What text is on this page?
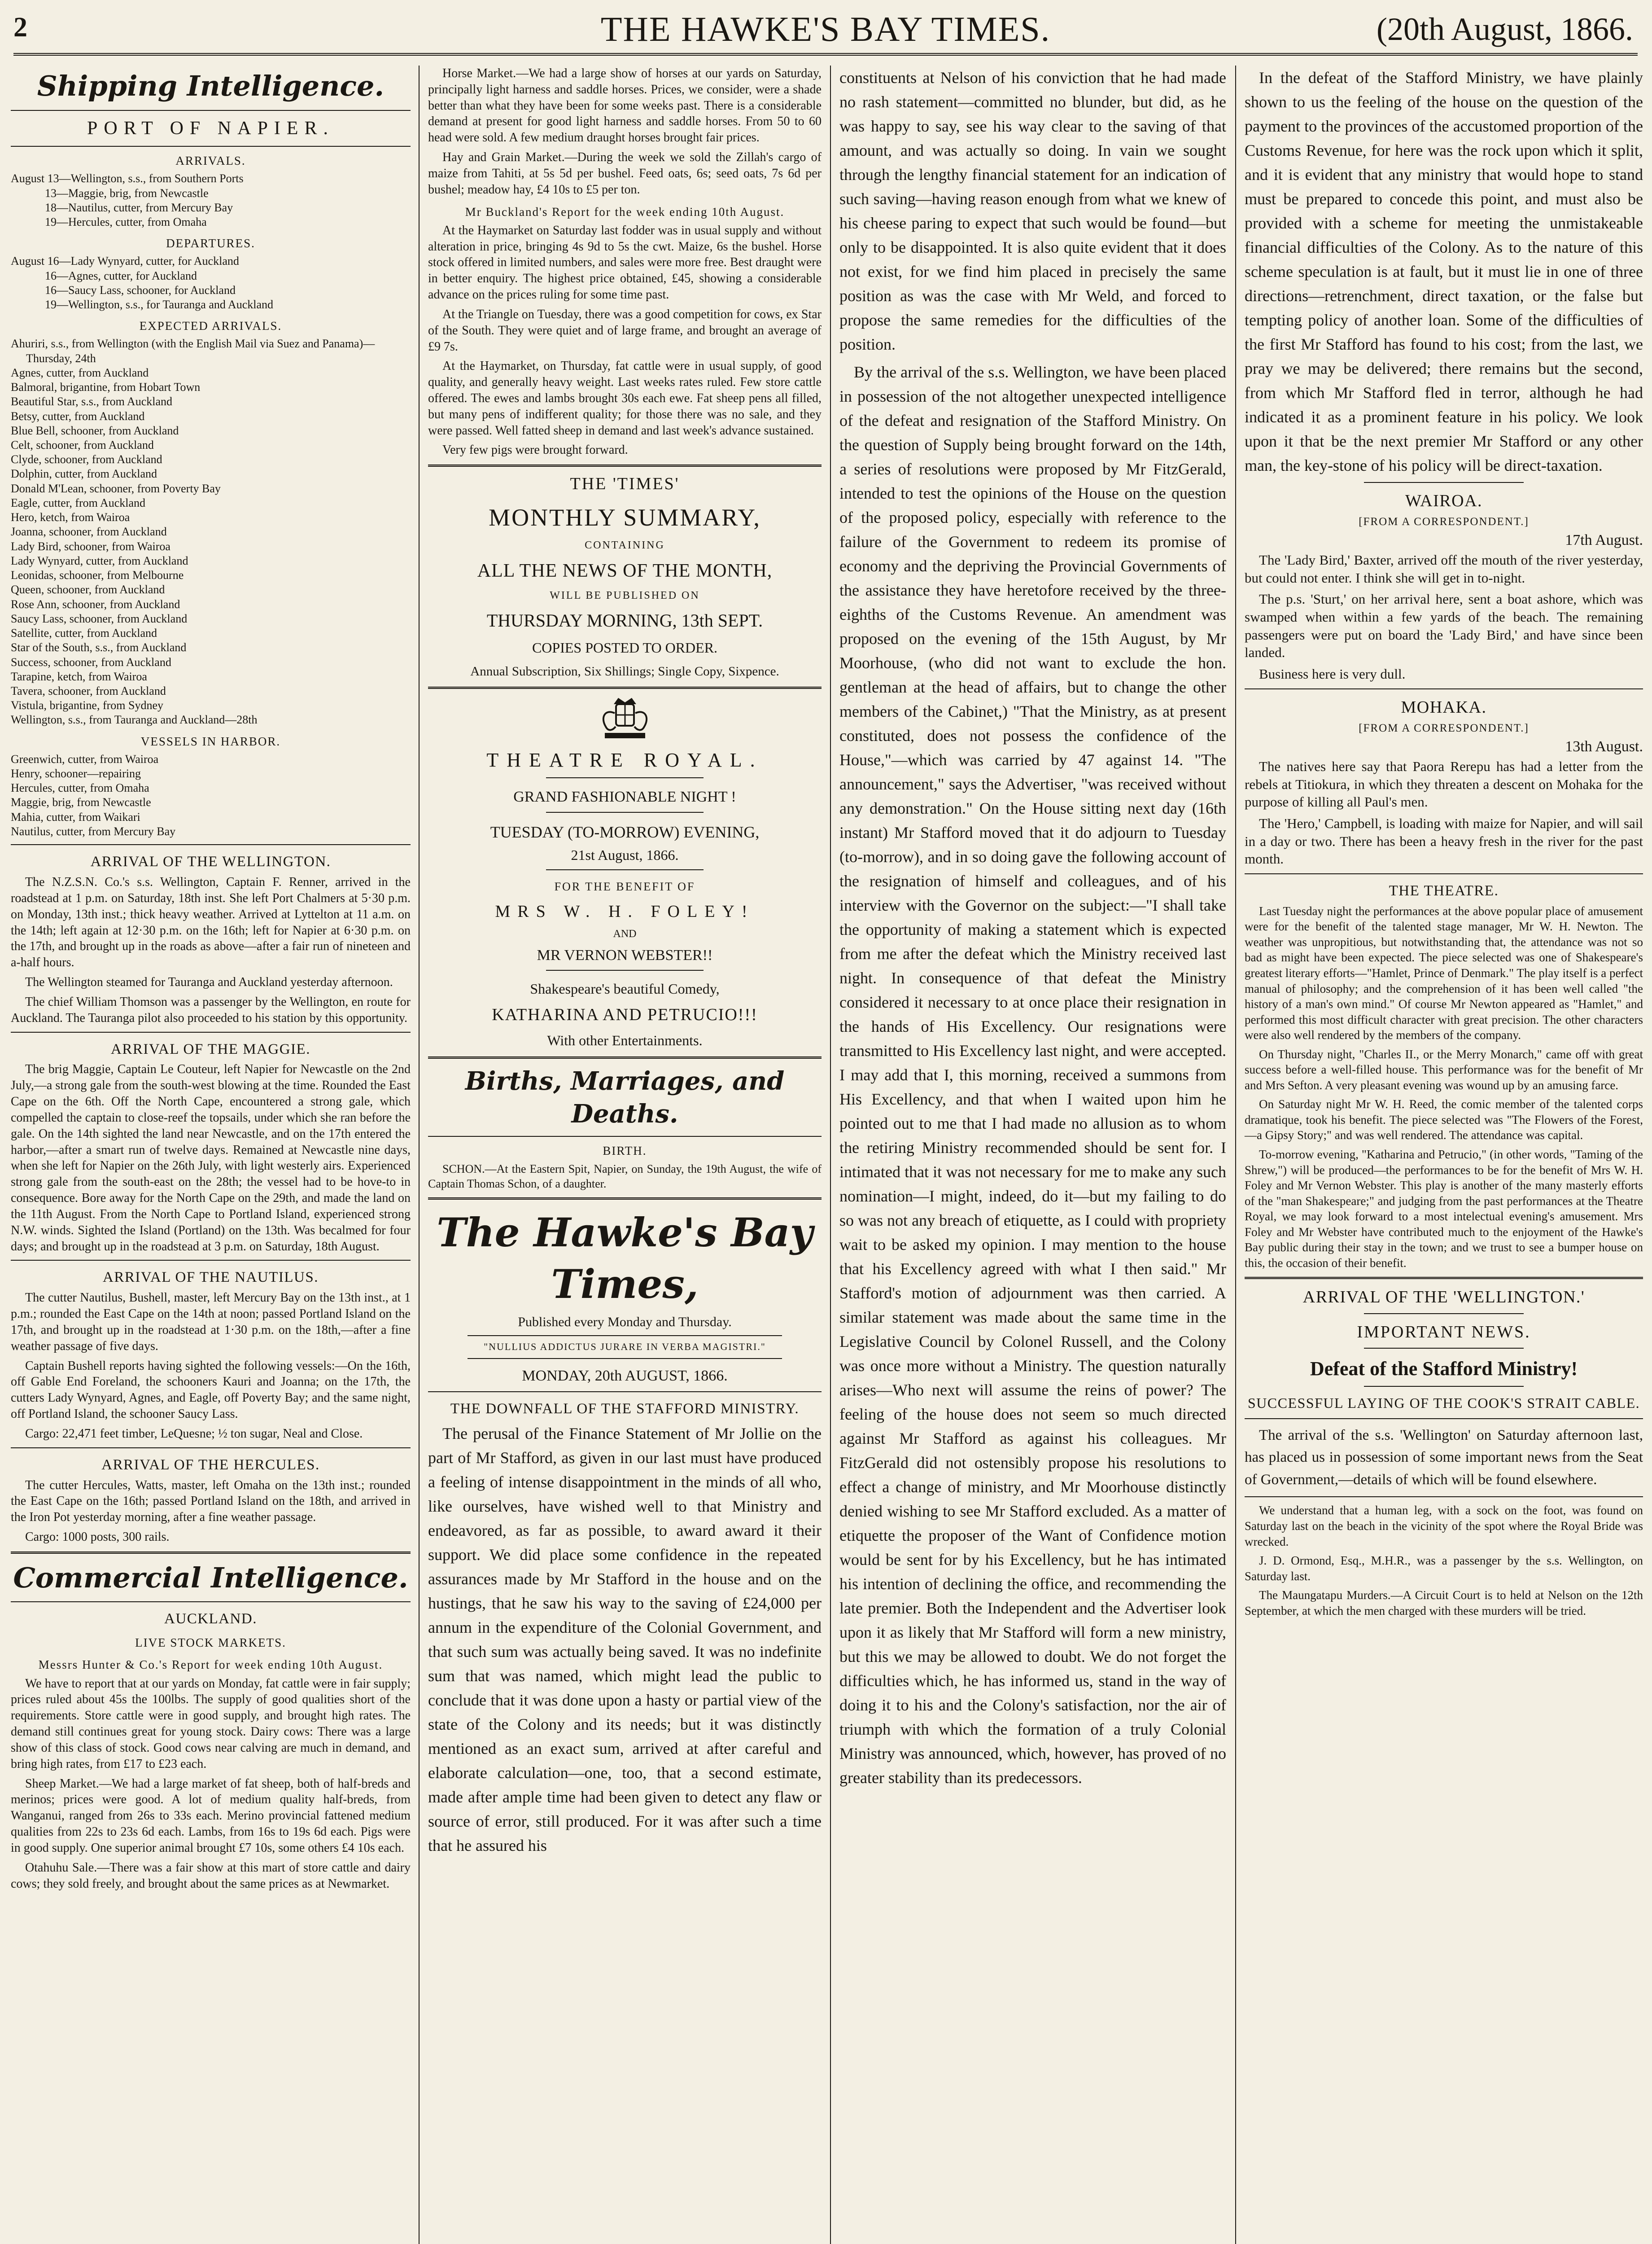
2	THE HAWKE'S BAY TIMES.	(20th August, 1866.
Shipping Intelligence.
PORT OF NAPIER.
ARRIVALS.
August 13—Wellington, s.s., from Southern Ports
13—Maggie, brig, from Newcastle
18—Nautilus, cutter, from Mercury Bay
19—Hercules, cutter, from Omaha
DEPARTURES.
August 16—Lady Wynyard, cutter, for Auckland
16—Agnes, cutter, for Auckland
16—Saucy Lass, schooner, for Auckland
19—Wellington, s.s., for Tauranga and Auckland
EXPECTED ARRIVALS.
Ahuriri, s.s., from Wellington (with the English Mail via Suez and Panama)—Thursday, 24th
Agnes, cutter, from Auckland
Balmoral, brigantine, from Hobart Town
Beautiful Star, s.s., from Auckland
Betsy, cutter, from Auckland
Blue Bell, schooner, from Auckland
Celt, schooner, from Auckland
Clyde, schooner, from Auckland
Dolphin, cutter, from Auckland
Donald M'Lean, schooner, from Poverty Bay
Eagle, cutter, from Auckland
Hero, ketch, from Wairoa
Joanna, schooner, from Auckland
Lady Bird, schooner, from Wairoa
Lady Wynyard, cutter, from Auckland
Leonidas, schooner, from Melbourne
Queen, schooner, from Auckland
Rose Ann, schooner, from Auckland
Saucy Lass, schooner, from Auckland
Satellite, cutter, from Auckland
Star of the South, s.s., from Auckland
Success, schooner, from Auckland
Tarapine, ketch, from Wairoa
Tavera, schooner, from Auckland
Vistula, brigantine, from Sydney
Wellington, s.s., from Tauranga and Auckland—28th
VESSELS IN HARBOR.
Greenwich, cutter, from Wairoa
Henry, schooner—repairing
Hercules, cutter, from Omaha
Maggie, brig, from Newcastle
Mahia, cutter, from Waikari
Nautilus, cutter, from Mercury Bay
ARRIVAL OF THE WELLINGTON.

The N.Z.S.N. Co.'s s.s. Wellington, Captain F. Renner, arrived in the roadstead at 1 p.m. on Saturday, 18th inst. She left Port Chalmers at 5·30 p.m. on Monday, 13th inst.; thick heavy weather. Arrived at Lyttelton at 11 a.m. on the 14th; left again at 12·30 p.m. on the 16th; left for Napier at 6·30 p.m. on the 17th, and brought up in the roads as above—after a fair run of nineteen and a-half hours.

The Wellington steamed for Tauranga and Auckland yesterday afternoon.

The chief William Thomson was a passenger by the Wellington, en route for Auckland. The Tauranga pilot also proceeded to his station by this opportunity.

ARRIVAL OF THE MAGGIE.

The brig Maggie, Captain Le Couteur, left Napier for Newcastle on the 2nd July,—a strong gale from the south-west blowing at the time. Rounded the East Cape on the 6th. Off the North Cape, encountered a strong gale, which compelled the captain to close-reef the topsails, under which she ran before the gale. On the 14th sighted the land near Newcastle, and on the 17th entered the harbor,—after a smart run of twelve days. Remained at Newcastle nine days, when she left for Napier on the 26th July, with light westerly airs. Experienced strong gale from the south-east on the 28th; the vessel had to be hove-to in consequence. Bore away for the North Cape on the 29th, and made the land on the 11th August. From the North Cape to Portland Island, experienced strong N.W. winds. Sighted the Island (Portland) on the 13th. Was becalmed for four days; and brought up in the roadstead at 3 p.m. on Saturday, 18th August.

ARRIVAL OF THE NAUTILUS.

The cutter Nautilus, Bushell, master, left Mercury Bay on the 13th inst., at 1 p.m.; rounded the East Cape on the 14th at noon; passed Portland Island on the 17th, and brought up in the roadstead at 1·30 p.m. on the 18th,—after a fine weather passage of five days.

Captain Bushell reports having sighted the following vessels:—On the 16th, off Gable End Foreland, the schooners Kauri and Joanna; on the 17th, the cutters Lady Wynyard, Agnes, and Eagle, off Poverty Bay; and the same night, off Portland Island, the schooner Saucy Lass.

Cargo: 22,471 feet timber, LeQuesne; ½ ton sugar, Neal and Close.

ARRIVAL OF THE HERCULES.

The cutter Hercules, Watts, master, left Omaha on the 13th inst.; rounded the East Cape on the 16th; passed Portland Island on the 18th, and arrived in the Iron Pot yesterday morning, after a fine weather passage.

Cargo: 1000 posts, 300 rails.

Commercial Intelligence.
AUCKLAND.
LIVE STOCK MARKETS.
Messrs Hunter & Co.'s Report for week ending 10th August.

We have to report that at our yards on Monday, fat cattle were in fair supply; prices ruled about 45s the 100lbs. The supply of good qualities short of the requirements. Store cattle were in good supply, and brought high rates. The demand still continues great for young stock. Dairy cows: There was a large show of this class of stock. Good cows near calving are much in demand, and bring high rates, from £17 to £23 each.

Sheep Market.—We had a large market of fat sheep, both of half-breds and merinos; prices were good. A lot of medium quality half-breds, from Wanganui, ranged from 26s to 33s each. Merino provincial fattened medium qualities from 22s to 23s 6d each. Lambs, from 16s to 19s 6d each. Pigs were in good supply. One superior animal brought £7 10s, some others £4 10s each.

Otahuhu Sale.—There was a fair show at this mart of store cattle and dairy cows; they sold freely, and brought about the same prices as at Newmarket.

Horse Market.—We had a large show of horses at our yards on Saturday, principally light harness and saddle horses. Prices, we consider, were a shade better than what they have been for some weeks past. There is a considerable demand at present for good light harness and saddle horses. From 50 to 60 head were sold. A few medium draught horses brought fair prices.

Hay and Grain Market.—During the week we sold the Zillah's cargo of maize from Tahiti, at 5s 5d per bushel. Feed oats, 6s; seed oats, 7s 6d per bushel; meadow hay, £4 10s to £5 per ton.

Mr Buckland's Report for the week ending 10th August.

At the Haymarket on Saturday last fodder was in usual supply and without alteration in price, bringing 4s 9d to 5s the cwt. Maize, 6s the bushel. Horse stock offered in limited numbers, and sales were more free. Best draught were in better enquiry. The highest price obtained, £45, showing a considerable advance on the prices ruling for some time past.

At the Triangle on Tuesday, there was a good competition for cows, ex Star of the South. They were quiet and of large frame, and brought an average of £9 7s.

At the Haymarket, on Thursday, fat cattle were in usual supply, of good quality, and generally heavy weight. Last weeks rates ruled. Few store cattle offered. The ewes and lambs brought 30s each ewe. Fat sheep pens all filled, but many pens of indifferent quality; for those there was no sale, and they were passed. Well fatted sheep in demand and last week's advance sustained.

Very few pigs were brought forward.

THE 'TIMES'
MONTHLY SUMMARY,
CONTAINING
ALL THE NEWS OF THE MONTH,
WILL BE PUBLISHED ON
THURSDAY MORNING, 13th SEPT.
COPIES POSTED TO ORDER.
Annual Subscription, Six Shillings; Single Copy, Sixpence.
THEATRE ROYAL.
GRAND FASHIONABLE NIGHT !
TUESDAY (TO-MORROW) EVENING,
21st August, 1866.
FOR THE BENEFIT OF
MRS W. H. FOLEY!
AND
MR VERNON WEBSTER!!
Shakespeare's beautiful Comedy,
KATHARINA AND PETRUCIO!!!
With other Entertainments.
Births, Marriages, and Deaths.
BIRTH.

SCHON.—At the Eastern Spit, Napier, on Sunday, the 19th August, the wife of Captain Thomas Schon, of a daughter.

The Hawke's Bay Times,
Published every Monday and Thursday.
"NULLIUS ADDICTUS JURARE IN VERBA MAGISTRI."
MONDAY, 20th AUGUST, 1866.
THE DOWNFALL OF THE STAFFORD MINISTRY.

The perusal of the Finance Statement of Mr Jollie on the part of Mr Stafford, as given in our last must have produced a feeling of intense disappointment in the minds of all who, like ourselves, have wished well to that Ministry and endeavored, as far as possible, to award award it their support. We did place some confidence in the repeated assurances made by Mr Stafford in the house and on the hustings, that he saw his way to the saving of £24,000 per annum in the expenditure of the Colonial Government, and that such sum was actually being saved. It was no indefinite sum that was named, which might lead the public to conclude that it was done upon a hasty or partial view of the state of the Colony and its needs; but it was distinctly mentioned as an exact sum, arrived at after careful and elaborate calculation—one, too, that a second estimate, made after ample time had been given to detect any flaw or source of error, still produced. For it was after such a time that he assured his

constituents at Nelson of his conviction that he had made no rash statement—committed no blunder, but did, as he was happy to say, see his way clear to the saving of that amount, and was actually so doing. In vain we sought through the lengthy financial statement for an indication of such saving—having reason enough from what we knew of his cheese paring to expect that such would be found—but only to be disappointed. It is also quite evident that it does not exist, for we find him placed in precisely the same position as was the case with Mr Weld, and forced to propose the same remedies for the difficulties of the position.

By the arrival of the s.s. Wellington, we have been placed in possession of the not altogether unexpected intelligence of the defeat and resignation of the Stafford Ministry. On the question of Supply being brought forward on the 14th, a series of resolutions were proposed by Mr FitzGerald, intended to test the opinions of the House on the question of the proposed policy, especially with reference to the failure of the Government to redeem its promise of economy and the depriving the Provincial Governments of the assistance they have heretofore received by the three-eighths of the Customs Revenue. An amendment was proposed on the evening of the 15th August, by Mr Moorhouse, (who did not want to exclude the hon. gentleman at the head of affairs, but to change the other members of the Cabinet,) "That the Ministry, as at present constituted, does not possess the confidence of the House,"—which was carried by 47 against 14. "The announcement," says the Advertiser, "was received without any demonstration." On the House sitting next day (16th instant) Mr Stafford moved that it do adjourn to Tuesday (to-morrow), and in so doing gave the following account of the resignation of himself and colleagues, and of his interview with the Governor on the subject:—"I shall take the opportunity of making a statement which is expected from me after the defeat which the Ministry received last night. In consequence of that defeat the Ministry considered it necessary to at once place their resignation in the hands of His Excellency. Our resignations were transmitted to His Excellency last night, and were accepted. I may add that I, this morning, received a summons from His Excellency, and that when I waited upon him he pointed out to me that I had made no allusion as to whom the retiring Ministry recommended should be sent for. I intimated that it was not necessary for me to make any such nomination—I might, indeed, do it—but my failing to do so was not any breach of etiquette, as I could with propriety wait to be asked my opinion. I may mention to the house that his Excellency agreed with what I then said." Mr Stafford's motion of adjournment was then carried. A similar statement was made about the same time in the Legislative Council by Colonel Russell, and the Colony was once more without a Ministry. The question naturally arises—Who next will assume the reins of power? The feeling of the house does not seem so much directed against Mr Stafford as against his colleagues. Mr FitzGerald did not ostensibly propose his resolutions to effect a change of ministry, and Mr Moorhouse distinctly denied wishing to see Mr Stafford excluded. As a matter of etiquette the proposer of the Want of Confidence motion would be sent for by his Excellency, but he has intimated his intention of declining the office, and recommending the late premier. Both the Independent and the Advertiser look upon it as likely that Mr Stafford will form a new ministry, but this we may be allowed to doubt. We do not forget the difficulties which, he has informed us, stand in the way of doing it to his and the Colony's satisfaction, nor the air of triumph with which the formation of a truly Colonial Ministry was announced, which, however, has proved of no greater stability than its predecessors.

In the defeat of the Stafford Ministry, we have plainly shown to us the feeling of the house on the question of the payment to the provinces of the accustomed proportion of the Customs Revenue, for here was the rock upon which it split, and it is evident that any ministry that would hope to stand must be prepared to concede this point, and must also be provided with a scheme for meeting the unmistakeable financial difficulties of the Colony. As to the nature of this scheme speculation is at fault, but it must lie in one of three directions—retrenchment, direct taxation, or the false but tempting policy of another loan. Some of the difficulties of the first Mr Stafford has found to his cost; from the last, we pray we may be delivered; there remains but the second, from which Mr Stafford fled in terror, although he had indicated it as a prominent feature in his policy. We look upon it that be the next premier Mr Stafford or any other man, the key-stone of his policy will be direct-taxation.

WAIROA.
[FROM A CORRESPONDENT.]
17th August.

The 'Lady Bird,' Baxter, arrived off the mouth of the river yesterday, but could not enter. I think she will get in to-night.

The p.s. 'Sturt,' on her arrival here, sent a boat ashore, which was swamped when within a few yards of the beach. The remaining passengers were put on board the 'Lady Bird,' and have since been landed.

Business here is very dull.

MOHAKA.
[FROM A CORRESPONDENT.]
13th August.

The natives here say that Paora Rerepu has had a letter from the rebels at Titiokura, in which they threaten a descent on Mohaka for the purpose of killing all Paul's men.

The 'Hero,' Campbell, is loading with maize for Napier, and will sail in a day or two. There has been a heavy fresh in the river for the past month.

THE THEATRE.

Last Tuesday night the performances at the above popular place of amusement were for the benefit of the talented stage manager, Mr W. H. Newton. The weather was unpropitious, but notwithstanding that, the attendance was not so bad as might have been expected. The piece selected was one of Shakespeare's greatest literary efforts—"Hamlet, Prince of Denmark." The play itself is a perfect manual of philosophy; and the comprehension of it has been well called "the history of a man's own mind." Of course Mr Newton appeared as "Hamlet," and performed this most difficult character with great precision. The other characters were also well rendered by the members of the company.

On Thursday night, "Charles II., or the Merry Monarch," came off with great success before a well-filled house. This performance was for the benefit of Mr and Mrs Sefton. A very pleasant evening was wound up by an amusing farce.

On Saturday night Mr W. H. Reed, the comic member of the talented corps dramatique, took his benefit. The piece selected was "The Flowers of the Forest,—a Gipsy Story;" and was well rendered. The attendance was capital.

To-morrow evening, "Katharina and Petrucio," (in other words, "Taming of the Shrew,") will be produced—the performances to be for the benefit of Mrs W. H. Foley and Mr Vernon Webster. This play is another of the many masterly efforts of the "man Shakespeare;" and judging from the past performances at the Theatre Royal, we may look forward to a most intelectual evening's amusement. Mrs Foley and Mr Webster have contributed much to the enjoyment of the Hawke's Bay public during their stay in the town; and we trust to see a bumper house on this, the occasion of their benefit.

ARRIVAL OF THE 'WELLINGTON.'
IMPORTANT NEWS.
Defeat of the Stafford Ministry!
SUCCESSFUL LAYING OF THE COOK'S STRAIT CABLE.

The arrival of the s.s. 'Wellington' on Saturday afternoon last, has placed us in possession of some important news from the Seat of Government,—details of which will be found elsewhere.

We understand that a human leg, with a sock on the foot, was found on Saturday last on the beach in the vicinity of the spot where the Royal Bride was wrecked.

J. D. Ormond, Esq., M.H.R., was a passenger by the s.s. Wellington, on Saturday last.

The Maungatapu Murders.—A Circuit Court is to held at Nelson on the 12th September, at which the men charged with these murders will be tried.
